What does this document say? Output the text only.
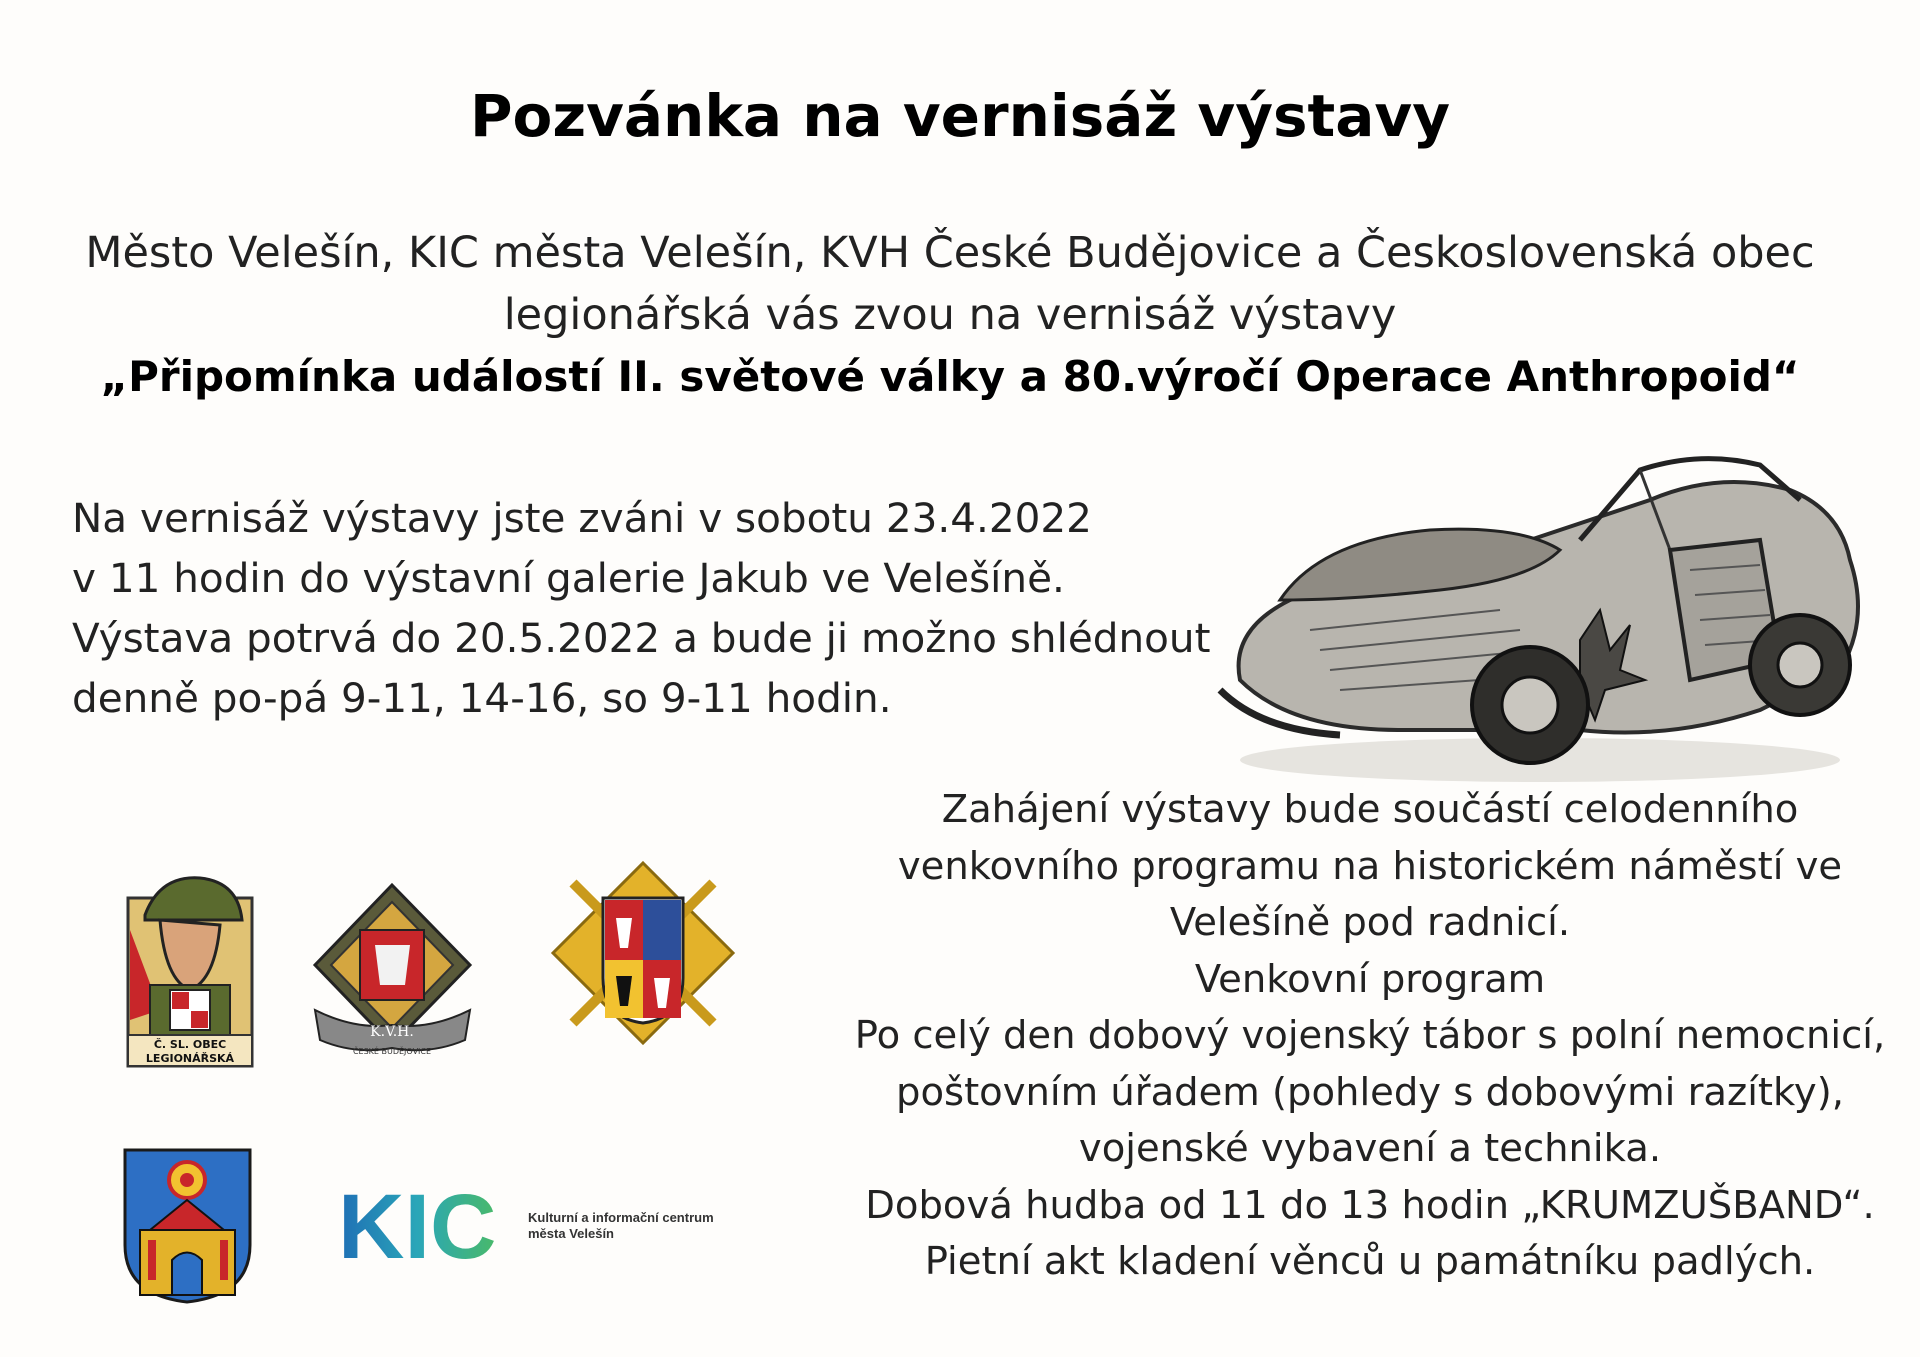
Pozvánka na vernisáž výstavy
Město Velešín, KIC města Velešín, KVH České Budějovice a Československá obec
legionářská vás zvou na vernisáž výstavy
„Připomínka událostí II. světové války a 80.výročí Operace Anthropoid“
Na vernisáž výstavy jste zváni v sobotu 23.4.2022
v 11 hodin do výstavní galerie Jakub ve Velešíně.
Výstava potrvá do 20.5.2022 a bude ji možno shlédnout
denně po-pá 9-11, 14-16, so 9-11 hodin.
Zahájení výstavy bude součástí celodenního
venkovního programu na historickém náměstí ve
Velešíně pod radnicí.
Venkovní program
Po celý den dobový vojenský tábor s polní nemocnicí,
poštovním úřadem (pohledy s dobovými razítky),
vojenské vybavení a technika.
Dobová hudba od 11 do 13 hodin „KRUMZUŠBAND“.
Pietní akt kladení věnců u památníku padlých.
Č. SL. OBEC
LEGIONÁŘSKÁ
K.V.H.
ČESKÉ BUDĚJOVICE
KIC Kulturní a informační centrum
města Velešín
